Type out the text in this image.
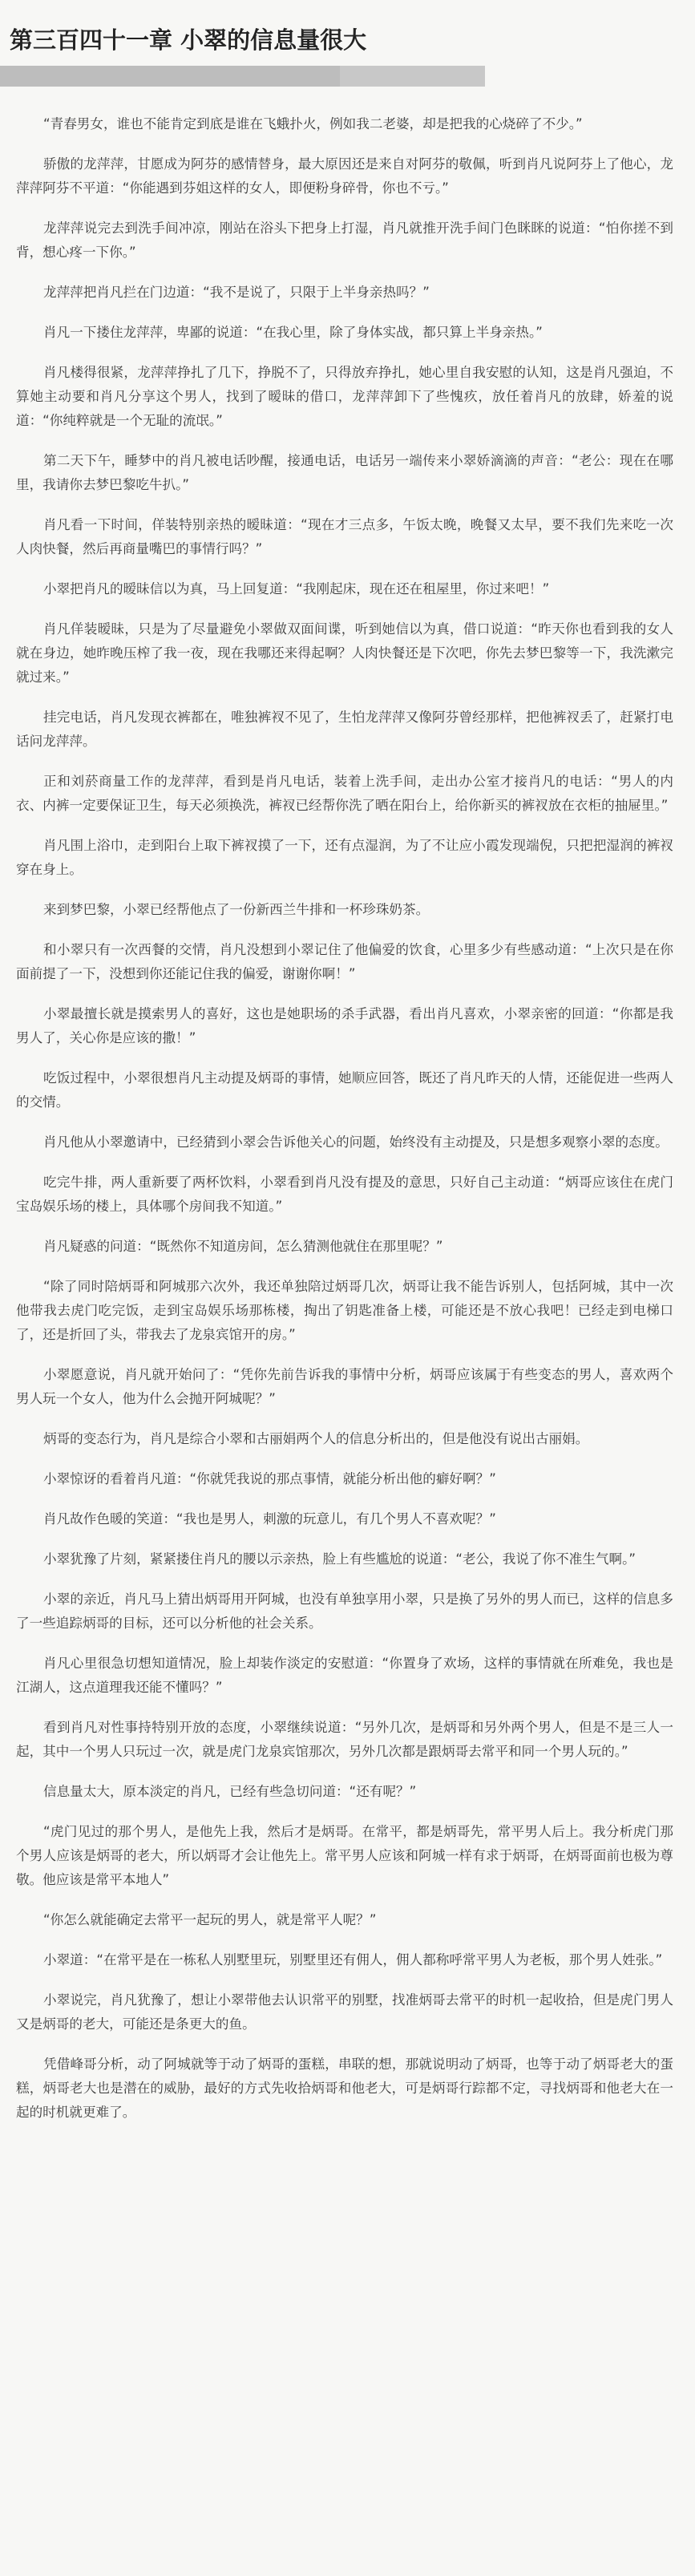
第三百四十一章 小翠的信息量很大

“青春男女，谁也不能肯定到底是谁在飞蛾扑火，例如我二老婆，却是把我的心烧碎了不少。”

骄傲的龙萍萍，甘愿成为阿芬的感情替身，最大原因还是来自对阿芬的敬佩，听到肖凡说阿芬上了他心，龙萍萍阿芬不平道：“你能遇到芬姐这样的女人，即便粉身碎骨，你也不亏。”

龙萍萍说完去到洗手间冲凉，刚站在浴头下把身上打湿，肖凡就推开洗手间门色眯眯的说道：“怕你搓不到背，想心疼一下你。”

龙萍萍把肖凡拦在门边道：“我不是说了，只限于上半身亲热吗？”

肖凡一下搂住龙萍萍，卑鄙的说道：“在我心里，除了身体实战，都只算上半身亲热。”

肖凡楼得很紧，龙萍萍挣扎了几下，挣脱不了，只得放弃挣扎，她心里自我安慰的认知，这是肖凡强迫，不算她主动要和肖凡分享这个男人，找到了暧昧的借口，龙萍萍卸下了些愧疚，放任着肖凡的放肆，娇羞的说道：“你纯粹就是一个无耻的流氓。”

第二天下午，睡梦中的肖凡被电话吵醒，接通电话，电话另一端传来小翠娇滴滴的声音：“老公：现在在哪里，我请你去梦巴黎吃牛扒。”

肖凡看一下时间，佯装特别亲热的暧昧道：“现在才三点多，午饭太晚，晚餐又太早，要不我们先来吃一次人肉快餐，然后再商量嘴巴的事情行吗？”

小翠把肖凡的暧昧信以为真，马上回复道：“我刚起床，现在还在租屋里，你过来吧！”

肖凡佯装暧昧，只是为了尽量避免小翠做双面间谍，听到她信以为真，借口说道：“昨天你也看到我的女人就在身边，她昨晚压榨了我一夜，现在我哪还来得起啊？人肉快餐还是下次吧，你先去梦巴黎等一下，我洗漱完就过来。”

挂完电话，肖凡发现衣裤都在，唯独裤衩不见了，生怕龙萍萍又像阿芬曾经那样，把他裤衩丢了，赶紧打电话问龙萍萍。

正和刘菸商量工作的龙萍萍，看到是肖凡电话，装着上洗手间，走出办公室才接肖凡的电话：“男人的内衣、内裤一定要保证卫生，每天必须换洗，裤衩已经帮你洗了晒在阳台上，给你新买的裤衩放在衣柜的抽屉里。”

肖凡围上浴巾，走到阳台上取下裤衩摸了一下，还有点湿润，为了不让应小霞发现端倪，只把把湿润的裤衩穿在身上。

来到梦巴黎，小翠已经帮他点了一份新西兰牛排和一杯珍珠奶茶。

和小翠只有一次西餐的交情，肖凡没想到小翠记住了他偏爱的饮食，心里多少有些感动道：“上次只是在你面前提了一下，没想到你还能记住我的偏爱，谢谢你啊！”

小翠最擅长就是摸索男人的喜好，这也是她职场的杀手武器，看出肖凡喜欢，小翠亲密的回道：“你都是我男人了，关心你是应该的撒！”

吃饭过程中，小翠很想肖凡主动提及炳哥的事情，她顺应回答，既还了肖凡昨天的人情，还能促进一些两人的交情。

肖凡他从小翠邀请中，已经猜到小翠会告诉他关心的问题，始终没有主动提及，只是想多观察小翠的态度。

吃完牛排，两人重新要了两杯饮料，小翠看到肖凡没有提及的意思，只好自己主动道：“炳哥应该住在虎门宝岛娱乐场的楼上，具体哪个房间我不知道。”

肖凡疑惑的问道：“既然你不知道房间，怎么猜测他就住在那里呢？”

“除了同时陪炳哥和阿城那六次外，我还单独陪过炳哥几次，炳哥让我不能告诉别人，包括阿城，其中一次他带我去虎门吃完饭，走到宝岛娱乐场那栋楼，掏出了钥匙准备上楼，可能还是不放心我吧！已经走到电梯口了，还是折回了头，带我去了龙泉宾馆开的房。”

小翠愿意说，肖凡就开始问了：“凭你先前告诉我的事情中分析，炳哥应该属于有些变态的男人，喜欢两个男人玩一个女人，他为什么会抛开阿城呢？”

炳哥的变态行为，肖凡是综合小翠和古丽娟两个人的信息分析出的，但是他没有说出古丽娟。

小翠惊讶的看着肖凡道：“你就凭我说的那点事情，就能分析出他的癖好啊？”

肖凡故作色暖的笑道：“我也是男人，刺激的玩意儿，有几个男人不喜欢呢？”

小翠犹豫了片刻，紧紧搂住肖凡的腰以示亲热，脸上有些尴尬的说道：“老公，我说了你不准生气啊。”

小翠的亲近，肖凡马上猜出炳哥用开阿城，也没有单独享用小翠，只是换了另外的男人而已，这样的信息多了一些追踪炳哥的目标，还可以分析他的社会关系。

肖凡心里很急切想知道情况，脸上却装作淡定的安慰道：“你置身了欢场，这样的事情就在所难免，我也是江湖人，这点道理我还能不懂吗？”

看到肖凡对性事持特别开放的态度，小翠继续说道：“另外几次，是炳哥和另外两个男人，但是不是三人一起，其中一个男人只玩过一次，就是虎门龙泉宾馆那次，另外几次都是跟炳哥去常平和同一个男人玩的。”

信息量太大，原本淡定的肖凡，已经有些急切问道：“还有呢？”

“虎门见过的那个男人，是他先上我，然后才是炳哥。在常平，都是炳哥先，常平男人后上。我分析虎门那个男人应该是炳哥的老大，所以炳哥才会让他先上。常平男人应该和阿城一样有求于炳哥，在炳哥面前也极为尊敬。他应该是常平本地人”

“你怎么就能确定去常平一起玩的男人，就是常平人呢？”

小翠道：“在常平是在一栋私人别墅里玩，别墅里还有佣人，佣人都称呼常平男人为老板，那个男人姓张。”

小翠说完，肖凡犹豫了，想让小翠带他去认识常平的别墅，找准炳哥去常平的时机一起收拾，但是虎门男人又是炳哥的老大，可能还是条更大的鱼。

凭借峰哥分析，动了阿城就等于动了炳哥的蛋糕，串联的想，那就说明动了炳哥，也等于动了炳哥老大的蛋糕，炳哥老大也是潜在的威胁，最好的方式先收拾炳哥和他老大，可是炳哥行踪都不定，寻找炳哥和他老大在一起的时机就更难了。
